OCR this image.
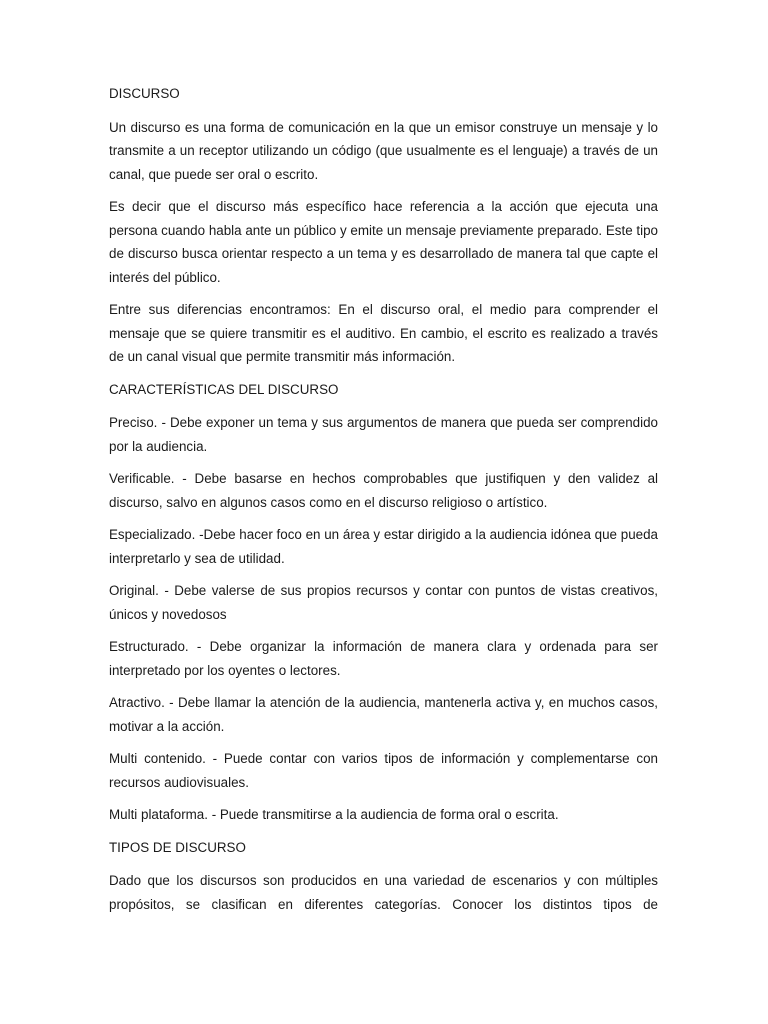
DISCURSO

Un discurso es una forma de comunicación en la que un emisor construye un mensaje y lo transmite a un receptor utilizando un código (que usualmente es el lenguaje) a través de un canal, que puede ser oral o escrito.

Es decir que el discurso más específico hace referencia a la acción que ejecuta una persona cuando habla ante un público y emite un mensaje previamente preparado. Este tipo de discurso busca orientar respecto a un tema y es desarrollado de manera tal que capte el interés del público.

Entre sus diferencias encontramos: En el discurso oral, el medio para comprender el mensaje que se quiere transmitir es el auditivo. En cambio, el escrito es realizado a través de un canal visual que permite transmitir más información.

CARACTERÍSTICAS DEL DISCURSO

Preciso. - Debe exponer un tema y sus argumentos de manera que pueda ser comprendido por la audiencia.

Verificable. - Debe basarse en hechos comprobables que justifiquen y den validez al discurso, salvo en algunos casos como en el discurso religioso o artístico.

Especializado. -Debe hacer foco en un área y estar dirigido a la audiencia idónea que pueda interpretarlo y sea de utilidad.

Original. - Debe valerse de sus propios recursos y contar con puntos de vistas creativos, únicos y novedosos

Estructurado. - Debe organizar la información de manera clara y ordenada para ser interpretado por los oyentes o lectores.

Atractivo. - Debe llamar la atención de la audiencia, mantenerla activa y, en muchos casos, motivar a la acción.

Multi contenido. - Puede contar con varios tipos de información y complementarse con recursos audiovisuales.

Multi plataforma. - Puede transmitirse a la audiencia de forma oral o escrita.

TIPOS DE DISCURSO

Dado que los discursos son producidos en una variedad de escenarios y con múltiples propósitos, se clasifican en diferentes categorías. Conocer los distintos tipos de
